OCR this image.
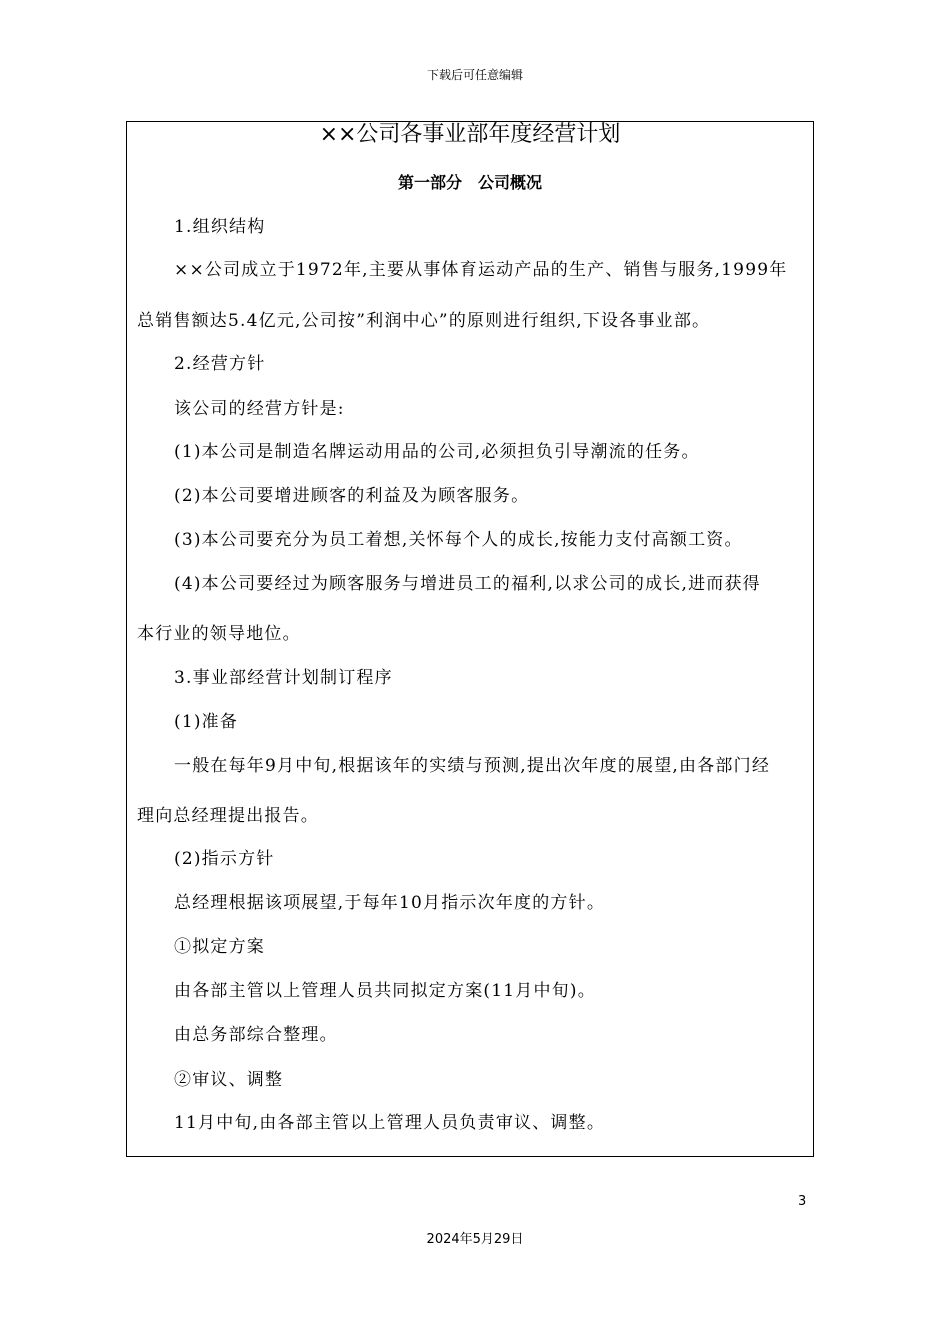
下载后可任意编辑
××公司各事业部年度经营计划
第一部分　公司概况
1.组织结构
××公司成立于1972年,主要从事体育运动产品的生产、销售与服务,1999年
总销售额达5.4亿元,公司按”利润中心”的原则进行组织,下设各事业部。
2.经营方针
该公司的经营方针是:
(1)本公司是制造名牌运动用品的公司,必须担负引导潮流的任务。
(2)本公司要增进顾客的利益及为顾客服务。
(3)本公司要充分为员工着想,关怀每个人的成长,按能力支付高额工资。
(4)本公司要经过为顾客服务与增进员工的福利,以求公司的成长,进而获得
本行业的领导地位。
3.事业部经营计划制订程序
(1)准备
一般在每年9月中旬,根据该年的实绩与预测,提出次年度的展望,由各部门经
理向总经理提出报告。
(2)指示方针
总经理根据该项展望,于每年10月指示次年度的方针。
①拟定方案
由各部主管以上管理人员共同拟定方案(11月中旬)。
由总务部综合整理。
②审议、调整
11月中旬,由各部主管以上管理人员负责审议、调整。
3
2024年5月29日
